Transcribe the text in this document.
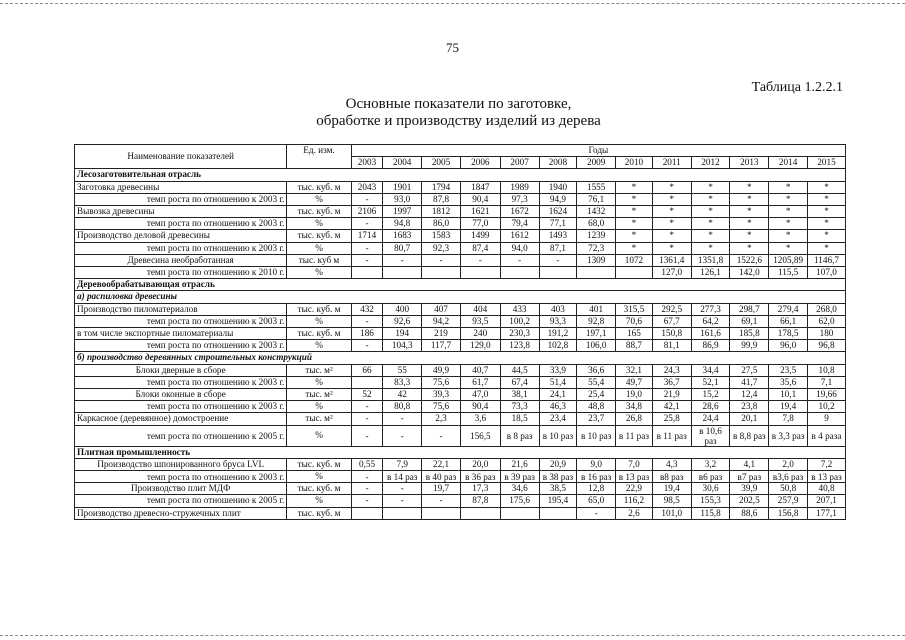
75
Таблица 1.2.2.1
Основные показатели по заготовке,
обработке и производству изделий из дерева
Наименование показателей	Ед. изм.	Годы												
		2003	2004	2005	2006	2007	2008	2009	2010	2011	2012	2013	2014	2015
Лесозаготовительная отрасль														
Заготовка древесины	тыс. куб. м	2043	1901	1794	1847	1989	1940	1555	*	*	*	*	*	*
темп роста по отношению к 2003 г.	%	-	93,0	87,8	90,4	97,3	94,9	76,1	*	*	*	*	*	*
Вывозка древесины	тыс. куб. м	2106	1997	1812	1621	1672	1624	1432	*	*	*	*	*	*
темп роста по отношению к 2003 г.	%	-	94,8	86,0	77,0	79,4	77,1	68,0	*	*	*	*	*	*
Производство деловой древесины	тыс. куб. м	1714	1683	1583	1499	1612	1493	1239	*	*	*	*	*	*
темп роста по отношению к 2003 г.	%	-	80,7	92,3	87,4	94,0	87,1	72,3	*	*	*	*	*	*
Древесина необработанная	тыс. куб м	-	-	-	-	-	-	1309	1072	1361,4	1351,8	1522,6	1205,89	1146,7
темп роста по отношению к 2010 г.	%									127,0	126,1	142,0	115,5	107,0
Деревообрабатывающая отрасль														
а) распиловка древесины														
Производство пиломатериалов	тыс. куб. м	432	400	407	404	433	403	401	315,5	292,5	277,3	298,7	279,4	268,0
темп роста по отношению к 2003 г.	%	-	92,6	94,2	93,5	100,2	93,3	92,8	70,6	67,7	64,2	69,1	66,1	62,0
в том числе экспортные пиломатериалы	тыс. куб. м	186	194	219	240	230,3	191,2	197,1	165	150,8	161,6	185,8	178,5	180
темп роста по отношению к 2003 г.	%	-	104,3	117,7	129,0	123,8	102,8	106,0	88,7	81,1	86,9	99,9	96,0	96,8
б) производство деревянных строительных конструкций														
Блоки дверные в сборе	тыс. м²	66	55	49,9	40,7	44,5	33,9	36,6	32,1	24,3	34,4	27,5	23,5	10,8
темп роста по отношению к 2003 г.	%		83,3	75,6	61,7	67,4	51,4	55,4	49,7	36,7	52,1	41,7	35,6	7,1
Блоки оконные в сборе	тыс. м²	52	42	39,3	47,0	38,1	24,1	25,4	19,0	21,9	15,2	12,4	10,1	19,66
темп роста по отношению к 2003 г.	%	-	80,8	75,6	90,4	73,3	46,3	48,8	34,8	42,1	28,6	23,8	19,4	10,2
Каркасное (деревянное) домостроение	тыс. м²	-	-	2,3	3,6	18,5	23,4	23,7	26,8	25,8	24,4	20,1	7,8	9
темп роста по отношению к 2005 г.	%	-	-	-	156,5	в 8 раз	в 10 раз	в 10 раз	в 11 раз	в 11 раз	в 10,6 раз	в 8,8 раз	в 3,3 раз	в 4 раза
Плитная промышленность														
Производство шпонированного бруса LVL	тыс. куб. м	0,55	7,9	22,1	20,0	21,6	20,9	9,0	7,0	4,3	3,2	4,1	2,0	7,2
темп роста по отношению к 2003 г.	%	-	в 14 раз	в 40 раз	в 36 раз	в 39 раз	в 38 раз	в 16 раз	в 13 раз	в8 раз	в6 раз	в7 раз	в3,6 раз	в 13 раз
Производство плит МДФ	тыс. куб. м	-	-	19,7	17,3	34,6	38,5	12,8	22,9	19,4	30,6	39,9	50,8	40,8
темп роста по отношению к 2005 г.	%	-	-	-	87,8	175,6	195,4	65,0	116,2	98,5	155,3	202,5	257,9	207,1
Производство древесно-стружечных плит	тыс. куб. м							-	2,6	101,0	115,8	88,6	156,8	177,1
